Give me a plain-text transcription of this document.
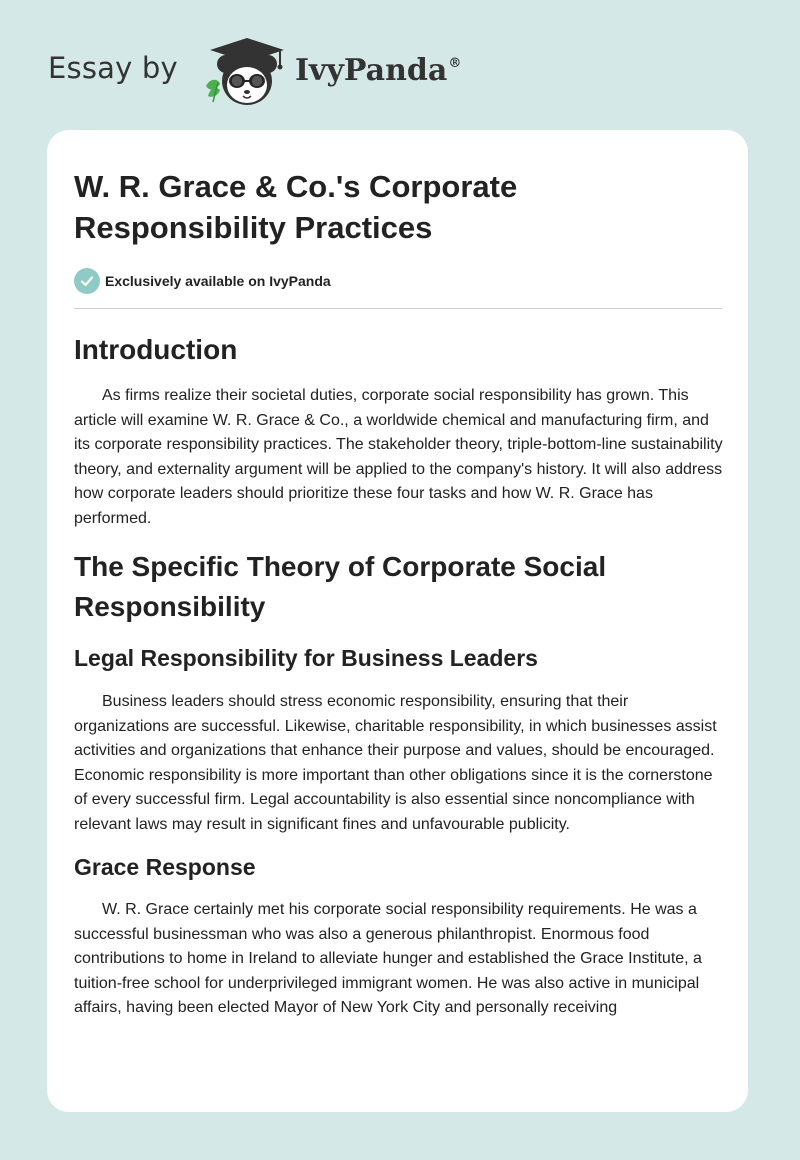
Essay by	IvyPanda®
W. R. Grace & Co.'s Corporate Responsibility Practices
Exclusively available on IvyPanda
Introduction

As firms realize their societal duties, corporate social responsibility has grown. This article will examine W. R. Grace & Co., a worldwide chemical and manufacturing firm, and its corporate responsibility practices. The stakeholder theory, triple-bottom-line sustainability theory, and externality argument will be applied to the company's history. It will also address how corporate leaders should prioritize these four tasks and how W. R. Grace has performed.

The Specific Theory of Corporate Social Responsibility
Legal Responsibility for Business Leaders

Business leaders should stress economic responsibility, ensuring that their organizations are successful. Likewise, charitable responsibility, in which businesses assist activities and organizations that enhance their purpose and values, should be encouraged. Economic responsibility is more important than other obligations since it is the cornerstone of every successful firm. Legal accountability is also essential since noncompliance with relevant laws may result in significant fines and unfavourable publicity.

Grace Response

W. R. Grace certainly met his corporate social responsibility requirements. He was a successful businessman who was also a generous philanthropist. Enormous food contributions to home in Ireland to alleviate hunger and established the Grace Institute, a tuition-free school for underprivileged immigrant women. He was also active in municipal affairs, having been elected Mayor of New York City and personally receiving
